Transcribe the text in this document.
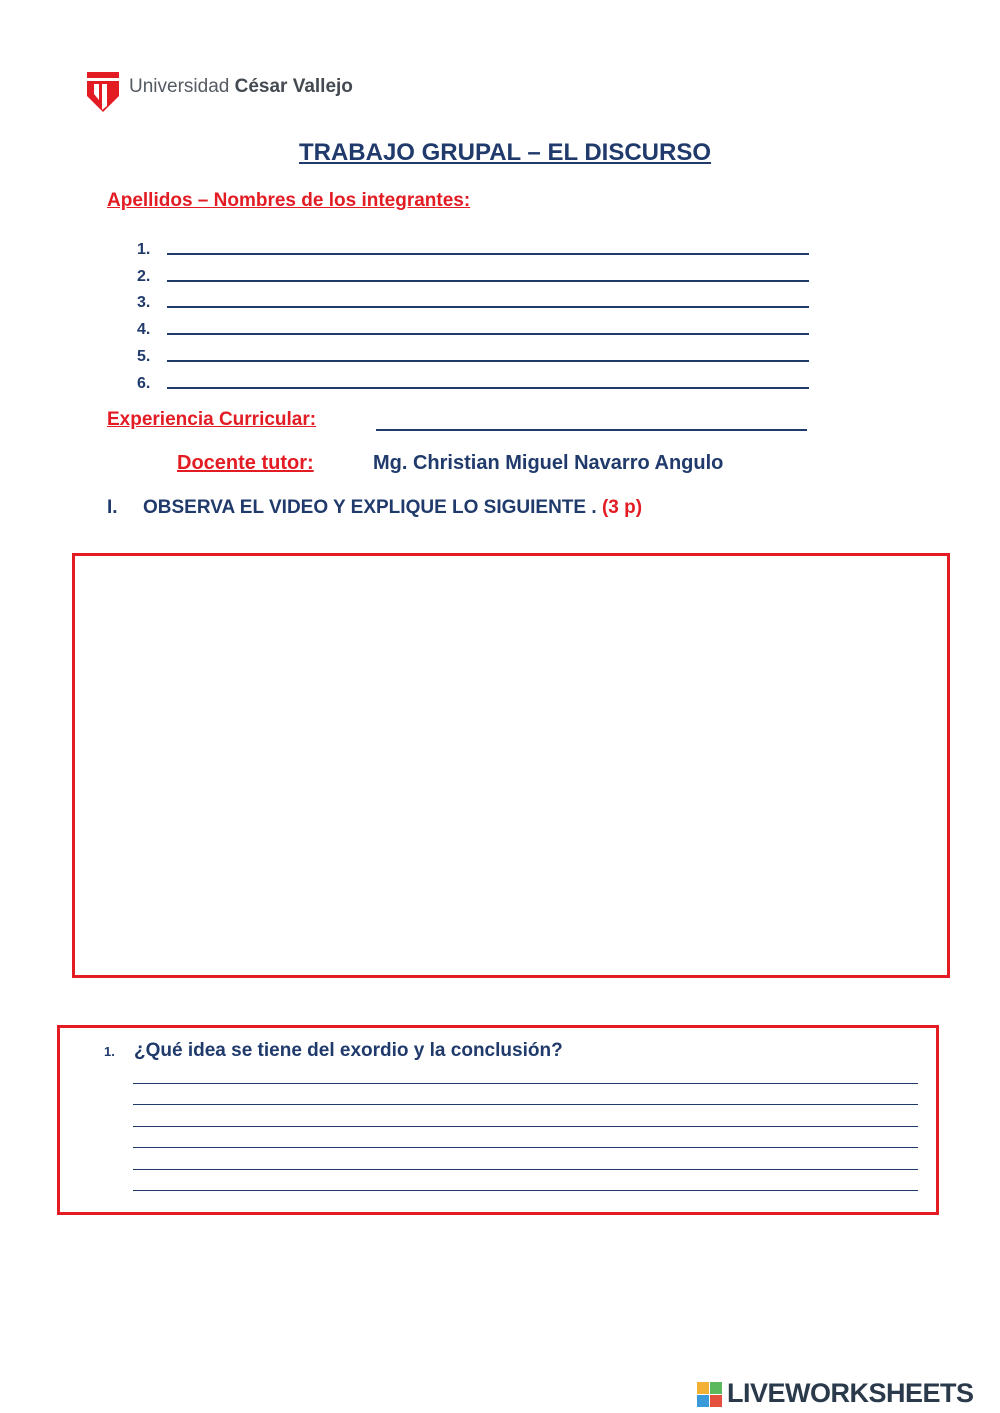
Universidad César Vallejo
TRABAJO GRUPAL – EL DISCURSO
Apellidos – Nombres de los integrantes:
1.
2.
3.
4.
5.
6.
Experiencia Curricular:
Docente tutor:	Mg. Christian Miguel Navarro Angulo
I. OBSERVA EL VIDEO Y EXPLIQUE LO SIGUIENTE . (3 p)
1. ¿Qué idea se tiene del exordio y la conclusión?
LIVEWORKSHEETS
